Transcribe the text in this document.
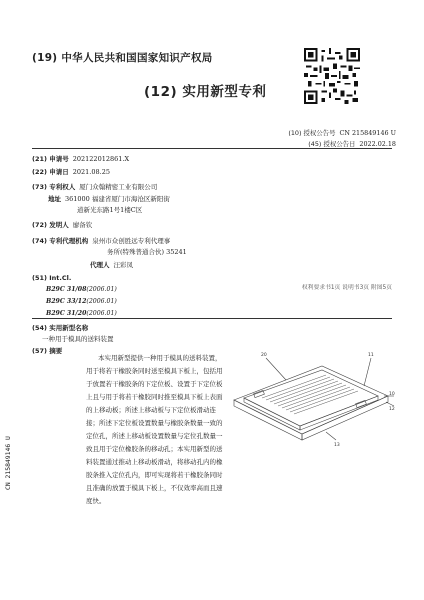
(19) 中华人民共和国国家知识产权局
(12) 实用新型专利
(10) 授权公告号 CN 215849146 U
(45) 授权公告日 2022.02.18
(21) 申请号 202122012861.X
(22) 申请日 2021.08.25
(73) 专利权人 厦门众翰精密工业有限公司
地址 361000 福建省厦门市海沧区新阳街
道新光东路1号1楼C区
(72) 发明人 廖备钦
(74) 专利代理机构 泉州市众创胜远专利代理事
务所(特殊普通合伙) 35241
代理人 汪彩凤
(51) Int.Cl.
B29C 31/08(2006.01)
B29C 33/12(2006.01)
B29C 31/20(2006.01)
权利要求书1页 说明书3页 附图5页
(54) 实用新型名称
一种用于模具的送料装置
(57) 摘要
本实用新型提供一种用于模具的送料装置，用于将若干橡胶条同时送至模具下板上，包括用于放置若干橡胶条的下定位板、设置于下定位板上且与用于将若干橡胶同时推至模具下板上表面的上移动板；所述上移动板与下定位板滑动连接；所述下定位板设置数量与橡胶条数量一致的定位孔，所述上移动板设置数量与定位孔数量一致且用于定位橡胶条的移动孔；本实用新型的送料装置通过推动上移动板滑动，将移动孔内的橡胶条推入定位孔内，即可实现将若干橡胶条同时且准确的放置于模具下板上，不仅效率高而且速度快。
20	11
10
12
13
CN 215849146 U
